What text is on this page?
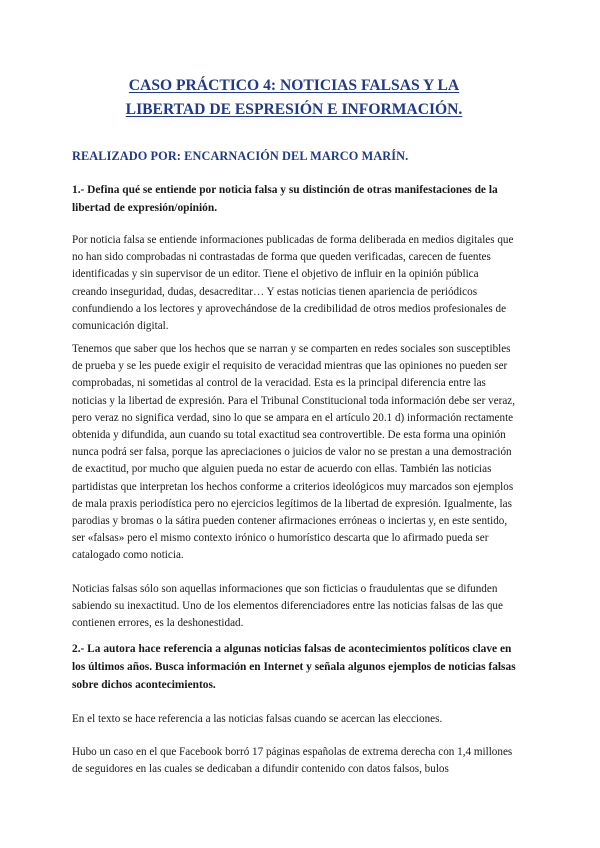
CASO PRÁCTICO 4: NOTICIAS FALSAS Y LA
LIBERTAD DE ESPRESIÓN E INFORMACIÓN.

REALIZADO POR: ENCARNACIÓN DEL MARCO MARÍN.

1.- Defina qué se entiende por noticia falsa y su distinción de otras manifestaciones de la libertad de expresión/opinión.

Por noticia falsa se entiende informaciones publicadas de forma deliberada en medios digitales que no han sido comprobadas ni contrastadas de forma que queden verificadas, carecen de fuentes identificadas y sin supervisor de un editor. Tiene el objetivo de influir en la opinión pública creando inseguridad, dudas, desacreditar… Y estas noticias tienen apariencia de periódicos confundiendo a los lectores y aprovechándose de la credibilidad de otros medios profesionales de comunicación digital.

Tenemos que saber que los hechos que se narran y se comparten en redes sociales son susceptibles de prueba y se les puede exigir el requisito de veracidad mientras que las opiniones no pueden ser comprobadas, ni sometidas al control de la veracidad. Esta es la principal diferencia entre las noticias y la libertad de expresión. Para el Tribunal Constitucional toda información debe ser veraz, pero veraz no significa verdad, sino lo que se ampara en el artículo 20.1 d) información rectamente obtenida y difundida, aun cuando su total exactitud sea controvertible. De esta forma una opinión nunca podrá ser falsa, porque las apreciaciones o juicios de valor no se prestan a una demostración de exactitud, por mucho que alguien pueda no estar de acuerdo con ellas. También las noticias partidistas que interpretan los hechos conforme a criterios ideológicos muy marcados son ejemplos de mala praxis periodística pero no ejercicios legítimos de la libertad de expresión. Igualmente, las parodias y bromas o la sátira pueden contener afirmaciones erróneas o inciertas y, en este sentido, ser «falsas» pero el mismo contexto irónico o humorístico descarta que lo afirmado pueda ser catalogado como noticia.

Noticias falsas sólo son aquellas informaciones que son ficticias o fraudulentas que se difunden sabiendo su inexactitud. Uno de los elementos diferenciadores entre las noticias falsas de las que contienen errores, es la deshonestidad.

2.- La autora hace referencia a algunas noticias falsas de acontecimientos políticos clave en los últimos años. Busca información en Internet y señala algunos ejemplos de noticias falsas sobre dichos acontecimientos.

En el texto se hace referencia a las noticias falsas cuando se acercan las elecciones.

Hubo un caso en el que Facebook borró 17 páginas españolas de extrema derecha con 1,4 millones de seguidores en las cuales se dedicaban a difundir contenido con datos falsos, bulos
